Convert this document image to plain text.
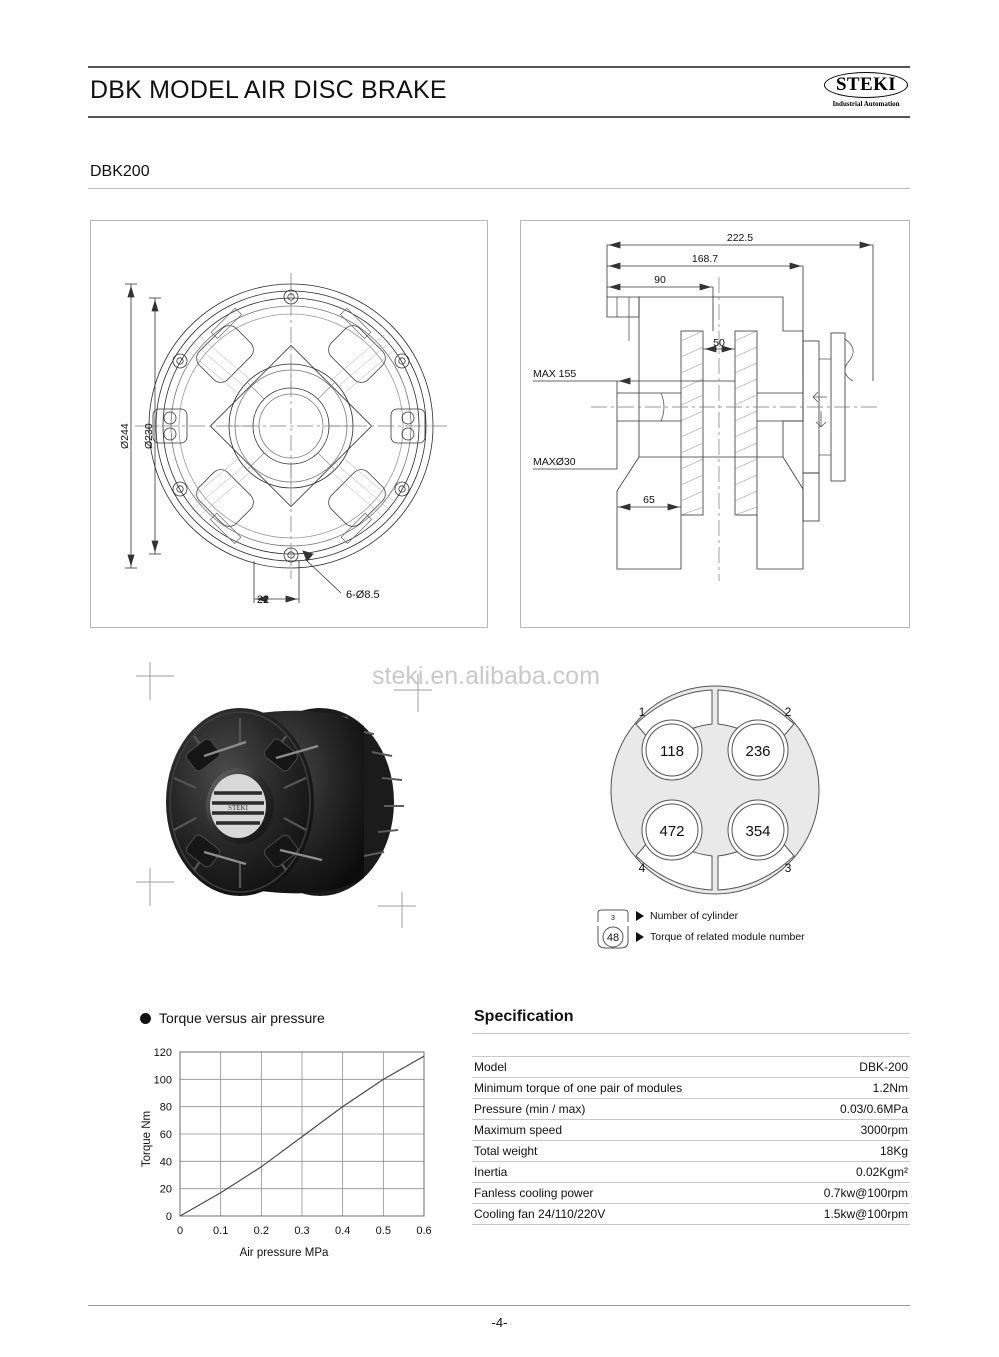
DBK MODEL AIR DISC BRAKE	STEKI
Industrial Automation
DBK200
22	6-Ø8.5
Ø244 Ø230
222.5
168.7
90
50
MAX 155
MAXØ30
65
STEKI
steki.en.alibaba.com
118	236
354
472
1	2
3
4
3	Number of cylinder
48	Torque of related module number
Torque versus air pressure
0	0.1 0.2 0.3 0.4 0.5 0.6
0
20
40
60
80
100
120
Air pressure MPa
Torque Nm
Specification
Model	DBK-200
Minimum torque of one pair of modules	1.2Nm
Pressure (min / max)	0.03/0.6MPa
Maximum speed	3000rpm
Total weight	18Kg
Inertia	0.02Kgm²
Fanless cooling power	0.7kw@100rpm
Cooling fan 24/110/220V	1.5kw@100rpm
-4-
